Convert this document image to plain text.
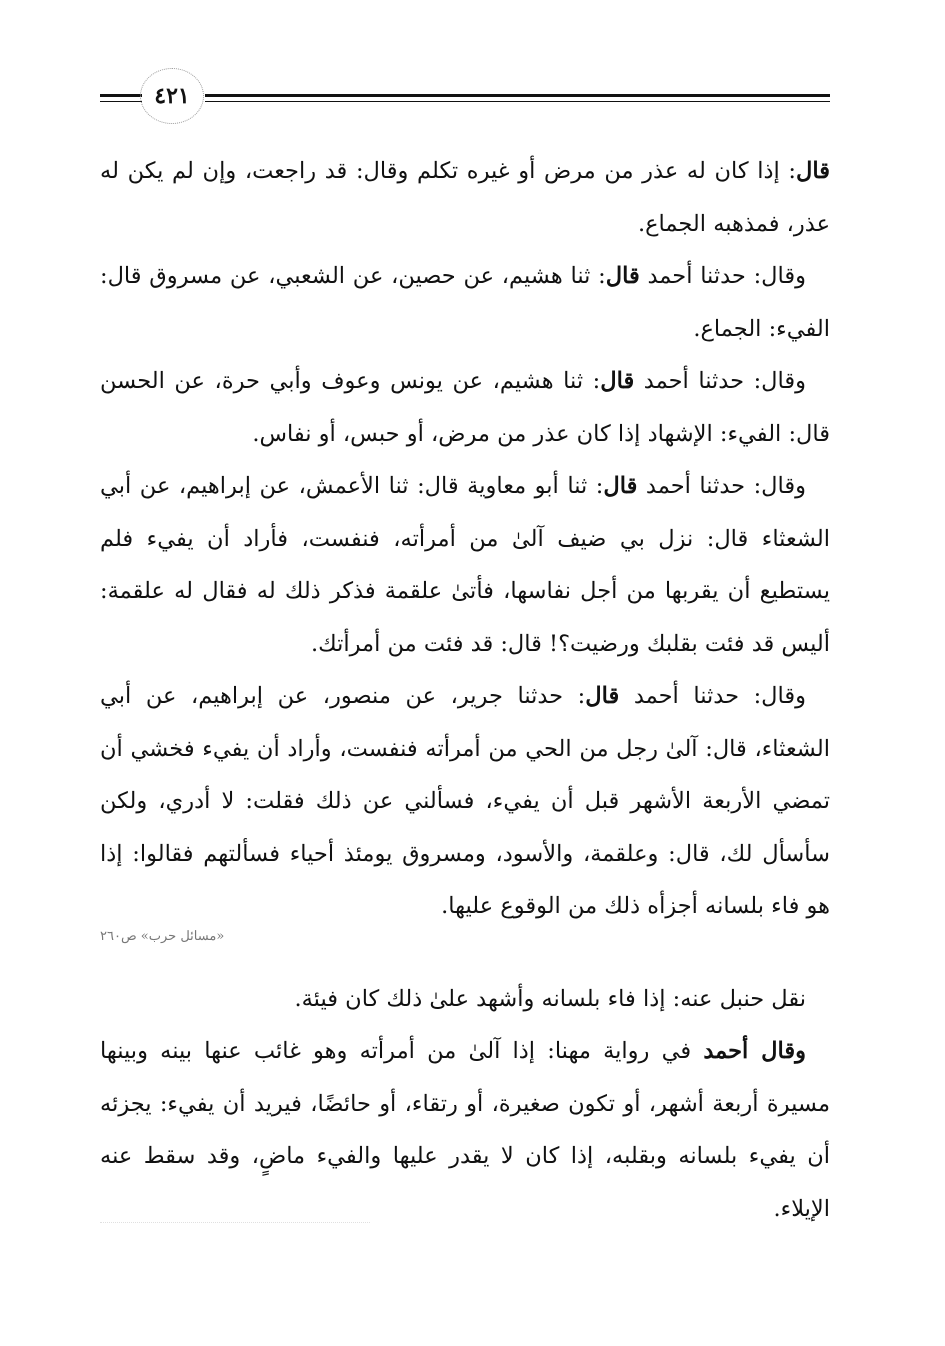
٤٢١

قال: إذا كان له عذر من مرض أو غيره تكلم وقال: قد راجعت، وإن لم يكن له عذر، فمذهبه الجماع.

وقال: حدثنا أحمد قال: ثنا هشيم، عن حصين، عن الشعبي، عن مسروق قال: الفيء: الجماع.

وقال: حدثنا أحمد قال: ثنا هشيم، عن يونس وعوف وأبي حرة، عن الحسن قال: الفيء: الإشهاد إذا كان عذر من مرض، أو حبس، أو نفاس.

وقال: حدثنا أحمد قال: ثنا أبو معاوية قال: ثنا الأعمش، عن إبراهيم، عن أبي الشعثاء قال: نزل بي ضيف آلىٰ من أمرأته، فنفست، فأراد أن يفيء فلم يستطيع أن يقربها من أجل نفاسها، فأتىٰ علقمة فذكر ذلك له فقال له علقمة: أليس قد فئت بقلبك ورضيت؟! قال: قد فئت من أمرأتك.

وقال: حدثنا أحمد قال: حدثنا جرير، عن منصور، عن إبراهيم، عن أبي الشعثاء، قال: آلىٰ رجل من الحي من أمرأته فنفست، وأراد أن يفيء فخشي أن تمضي الأربعة الأشهر قبل أن يفيء، فسألني عن ذلك فقلت: لا أدري، ولكن سأسأل لك، قال: وعلقمة، والأسود، ومسروق يومئذ أحياء فسألتهم فقالوا: إذا هو فاء بلسانه أجزأه ذلك من الوقوع عليها.

«مسائل حرب» ص٢٦٠

نقل حنبل عنه: إذا فاء بلسانه وأشهد علىٰ ذلك كان فيئة.

وقال أحمد في رواية مهنا: إذا آلىٰ من أمرأته وهو غائب عنها بينه وبينها مسيرة أربعة أشهر، أو تكون صغيرة، أو رتقاء، أو حائضًا، فيريد أن يفيء: يجزئه أن يفيء بلسانه وبقلبه، إذا كان لا يقدر عليها والفيء ماضٍ، وقد سقط عنه الإيلاء.
